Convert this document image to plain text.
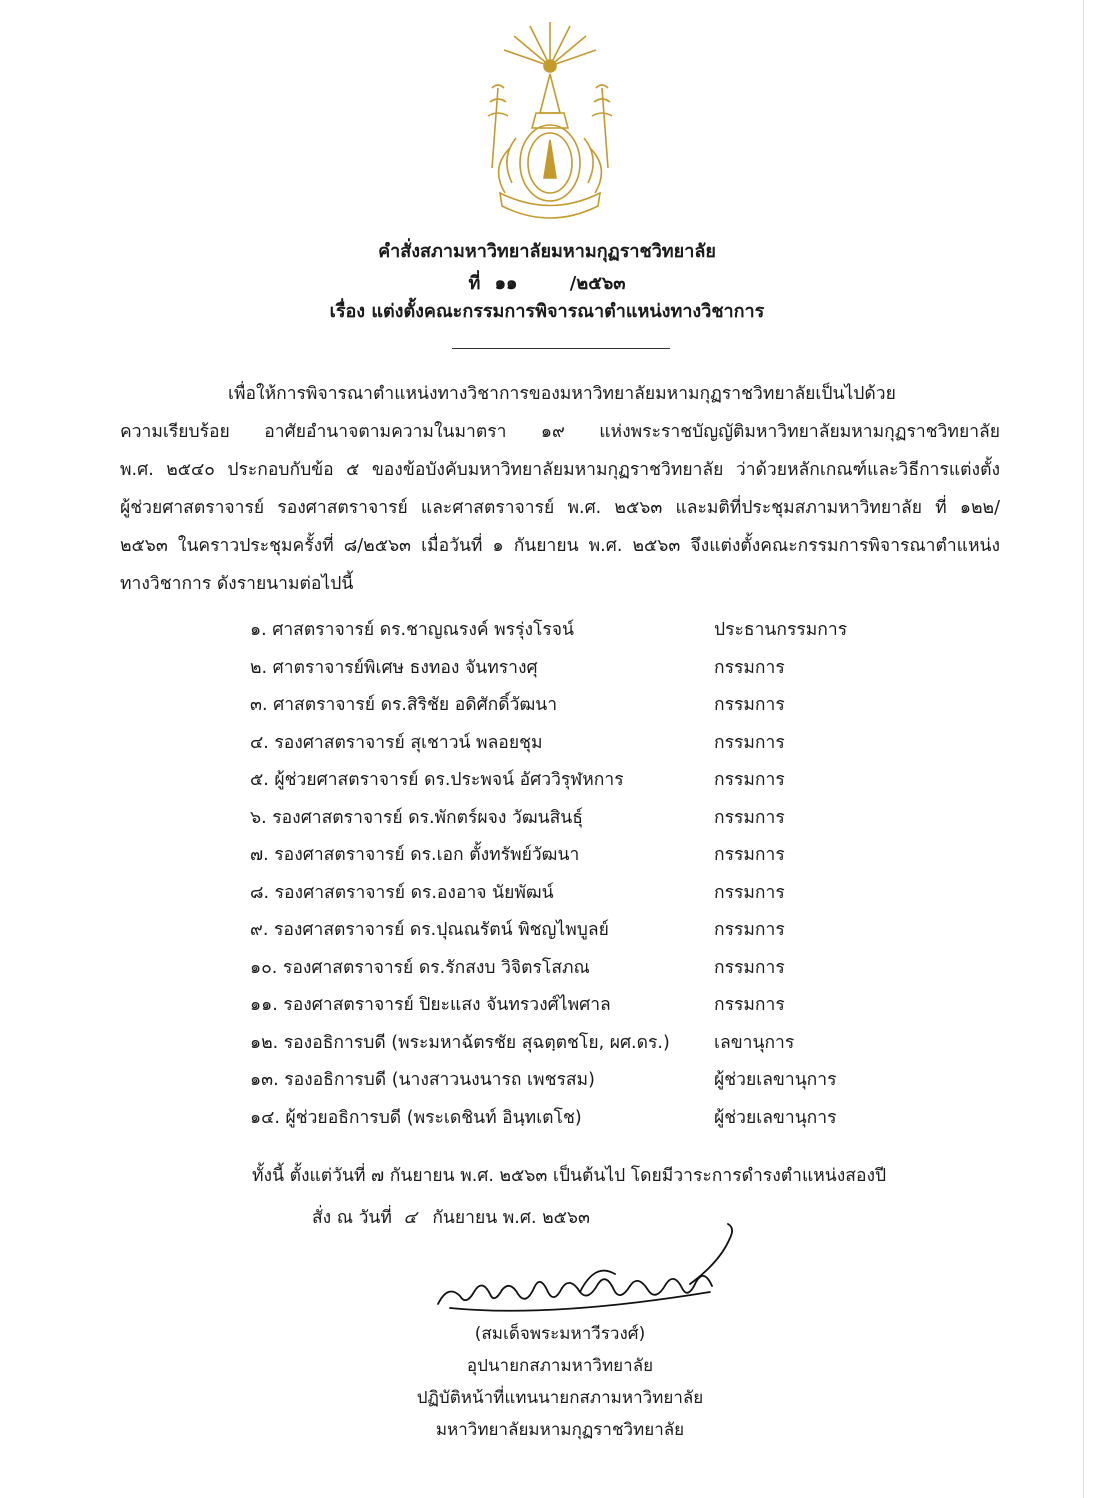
คำสั่งสภามหาวิทยาลัยมหามกุฏราชวิทยาลัย
ที่ ๑๑	/๒๕๖๓
เรื่อง แต่งตั้งคณะกรรมการพิจารณาตำแหน่งทางวิชาการ
เพื่อให้การพิจารณาตำแหน่งทางวิชาการของมหาวิทยาลัยมหามกุฏราชวิทยาลัยเป็นไปด้วย
ความเรียบร้อย อาศัยอำนาจตามความในมาตรา ๑๙ แห่งพระราชบัญญัติมหาวิทยาลัยมหามกุฏราชวิทยาลัย
พ.ศ. ๒๕๔๐ ประกอบกับข้อ ๕ ของข้อบังคับมหาวิทยาลัยมหามกุฏราชวิทยาลัย ว่าด้วยหลักเกณฑ์และวิธีการแต่งตั้ง
ผู้ช่วยศาสตราจารย์ รองศาสตราจารย์ และศาสตราจารย์ พ.ศ. ๒๕๖๓ และมติที่ประชุมสภามหาวิทยาลัย ที่ ๑๒๒/
๒๕๖๓ ในคราวประชุมครั้งที่ ๘/๒๕๖๓ เมื่อวันที่ ๑ กันยายน พ.ศ. ๒๕๖๓ จึงแต่งตั้งคณะกรรมการพิจารณาตำแหน่ง
ทางวิชาการ ดังรายนามต่อไปนี้
๑. ศาสตราจารย์ ดร.ชาญณรงค์ พรรุ่งโรจน์	ประธานกรรมการ
๒. ศาตราจารย์พิเศษ ธงทอง จันทรางศุ	กรรมการ
๓. ศาสตราจารย์ ดร.สิริชัย อดิศักดิ์วัฒนา	กรรมการ
๔. รองศาสตราจารย์ สุเชาวน์ พลอยชุม	กรรมการ
๕. ผู้ช่วยศาสตราจารย์ ดร.ประพจน์ อัศววิรุฬหการ	กรรมการ
๖. รองศาสตราจารย์ ดร.พักตร์ผจง วัฒนสินธุ์	กรรมการ
๗. รองศาสตราจารย์ ดร.เอก ตั้งทรัพย์วัฒนา	กรรมการ
๘. รองศาสตราจารย์ ดร.องอาจ นัยพัฒน์	กรรมการ
๙. รองศาสตราจารย์ ดร.ปุณณรัตน์ พิชญไพบูลย์	กรรมการ
๑๐. รองศาสตราจารย์ ดร.รักสงบ วิจิตรโสภณ	กรรมการ
๑๑. รองศาสตราจารย์ ปิยะแสง จันทรวงศ์ไพศาล	กรรมการ
๑๒. รองอธิการบดี (พระมหาฉัตรชัย สุฉตฺตชโย, ผศ.ดร.)	เลขานุการ
๑๓. รองอธิการบดี (นางสาวนงนารถ เพชรสม)	ผู้ช่วยเลขานุการ
๑๔. ผู้ช่วยอธิการบดี (พระเดชินท์ อินฺทเตโช)	ผู้ช่วยเลขานุการ
ทั้งนี้ ตั้งแต่วันที่ ๗ กันยายน พ.ศ. ๒๕๖๓ เป็นต้นไป โดยมีวาระการดำรงตำแหน่งสองปี
สั่ง ณ วันที่ ๔ กันยายน พ.ศ. ๒๕๖๓
(สมเด็จพระมหาวีรวงศ์)
อุปนายกสภามหาวิทยาลัย
ปฏิบัติหน้าที่แทนนายกสภามหาวิทยาลัย
มหาวิทยาลัยมหามกุฏราชวิทยาลัย
